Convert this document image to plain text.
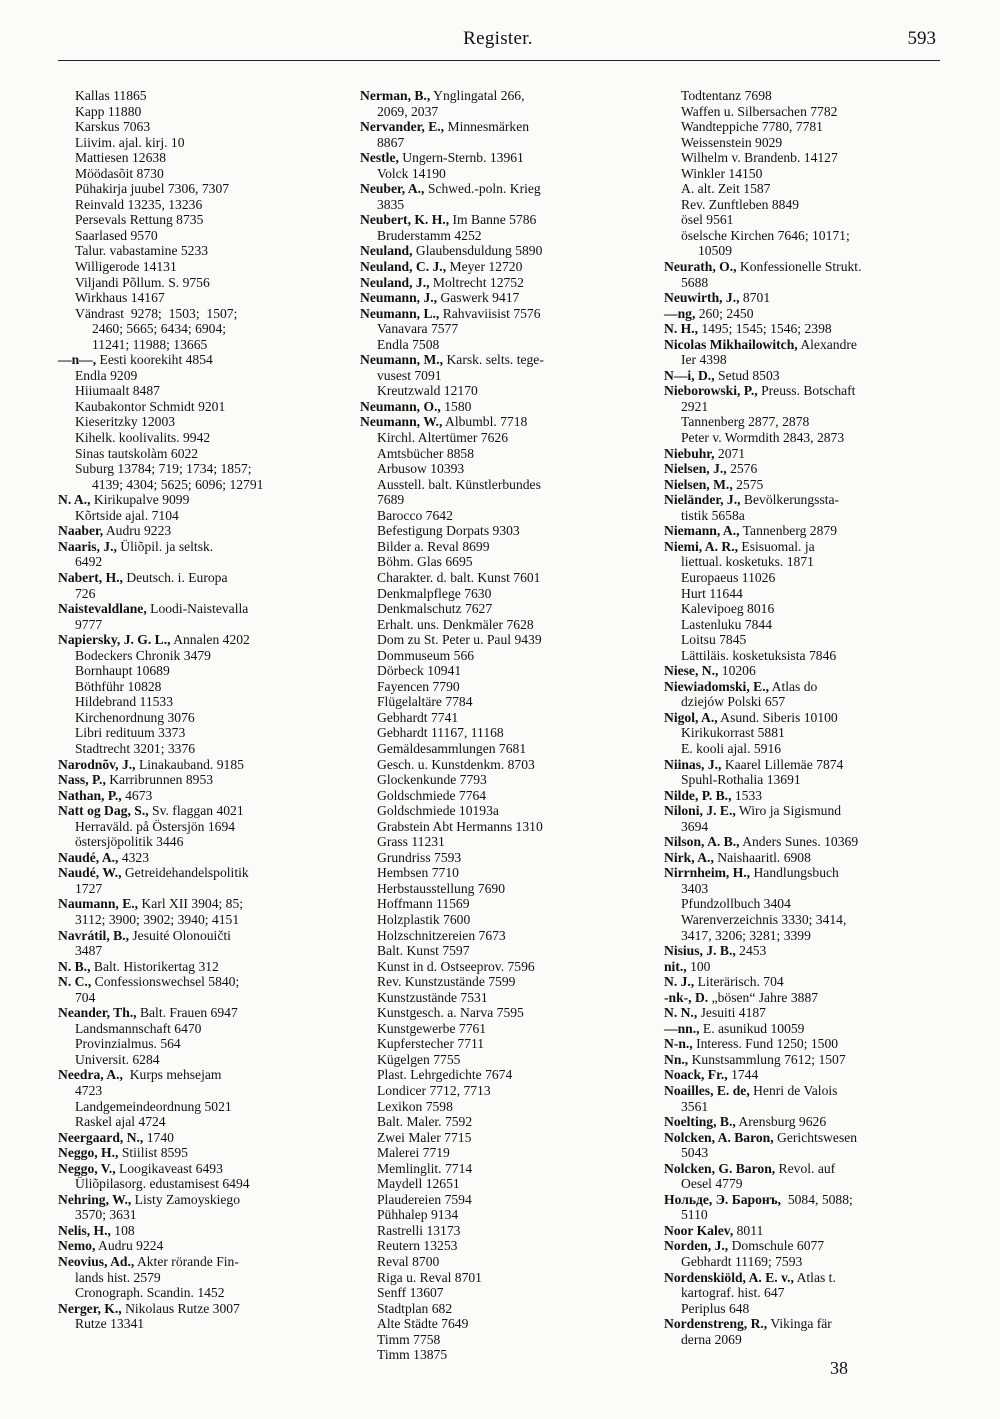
Register.	593
Kallas 11865
Kapp 11880
Karskus 7063
Liivim. ajal. kirj. 10
Mattiesen 12638
Möödasõit 8730
Pühakirja juubel 7306, 7307
Reinvald 13235, 13236
Persevals Rettung 8735
Saarlased 9570
Talur. vabastamine 5233
Willigerode 14131
Viljandi Põllum. S. 9756
Wirkhaus 14167
Vändrast  9278;  1503;  1507;
2460; 5665; 6434; 6904;
11241; 11988; 13665
—n—, Eesti koorekiht 4854
Endla 9209
Hiiumaalt 8487
Kaubakontor Schmidt 9201
Kieseritzky 12003
Kihelk. koolivalits. 9942
Sinas tautskolàm 6022
Suburg 13784; 719; 1734; 1857;
4139; 4304; 5625; 6096; 12791
N. A., Kirikupalve 9099
Kõrtside ajal. 7104
Naaber, Audru 9223
Naaris, J., Üliõpil. ja seltsk.
6492
Nabert, H., Deutsch. i. Europa
726
Naistevaldlane, Loodi-Naistevalla
9777
Napiersky, J. G. L., Annalen 4202
Bodeckers Chronik 3479
Bornhaupt 10689
Böthführ 10828
Hildebrand 11533
Kirchenordnung 3076
Libri redituum 3373
Stadtrecht 3201; 3376
Narodnõv, J., Linakauband. 9185
Nass, P., Karribrunnen 8953
Nathan, P., 4673
Natt og Dag, S., Sv. flaggan 4021
Herraväld. på Östersjön 1694
östersjöpolitik 3446
Naudé, A., 4323
Naudé, W., Getreidehandelspolitik
1727
Naumann, E., Karl XII 3904; 85;
3112; 3900; 3902; 3940; 4151
Navrátil, B., Jesuité Olonouičti
3487
N. B., Balt. Historikertag 312
N. C., Confessionswechsel 5840;
704
Neander, Th., Balt. Frauen 6947
Landsmannschaft 6470
Provinzialmus. 564
Universit. 6284
Needra, A.,  Kurps mehsejam
4723
Landgemeindeordnung 5021
Raskel ajal 4724
Neergaard, N., 1740
Neggo, H., Stiilist 8595
Neggo, V., Loogikaveast 6493
Üliõpilasorg. edustamisest 6494
Nehring, W., Listy Zamoyskiego
3570; 3631
Nelis, H., 108
Nemo, Audru 9224
Neovius, Ad., Akter rörande Fin-
lands hist. 2579
Cronograph. Scandin. 1452
Nerger, K., Nikolaus Rutze 3007
Rutze 13341
Nerman, B., Ynglingatal 266,
2069, 2037
Nervander, E., Minnesmärken
8867
Nestle, Ungern-Sternb. 13961
Volck 14190
Neuber, A., Schwed.-poln. Krieg
3835
Neubert, K. H., Im Banne 5786
Bruderstamm 4252
Neuland, Glaubensduldung 5890
Neuland, C. J., Meyer 12720
Neuland, J., Moltrecht 12752
Neumann, J., Gaswerk 9417
Neumann, L., Rahvaviisist 7576
Vanavara 7577
Endla 7508
Neumann, M., Karsk. selts. tege-
vusest 7091
Kreutzwald 12170
Neumann, O., 1580
Neumann, W., Albumbl. 7718
Kirchl. Altertümer 7626
Amtsbücher 8858
Arbusow 10393
Ausstell. balt. Künstlerbundes
7689
Barocco 7642
Befestigung Dorpats 9303
Bilder a. Reval 8699
Böhm. Glas 6695
Charakter. d. balt. Kunst 7601
Denkmalpflege 7630
Denkmalschutz 7627
Erhalt. uns. Denkmäler 7628
Dom zu St. Peter u. Paul 9439
Dommuseum 566
Dörbeck 10941
Fayencen 7790
Flügelaltäre 7784
Gebhardt 7741
Gebhardt 11167, 11168
Gemäldesammlungen 7681
Gesch. u. Kunstdenkm. 8703
Glockenkunde 7793
Goldschmiede 7764
Goldschmiede 10193a
Grabstein Abt Hermanns 1310
Grass 11231
Grundriss 7593
Hembsen 7710
Herbstausstellung 7690
Hoffmann 11569
Holzplastik 7600
Holzschnitzereien 7673
Balt. Kunst 7597
Kunst in d. Ostseeprov. 7596
Rev. Kunstzustände 7599
Kunstzustände 7531
Kunstgesch. a. Narva 7595
Kunstgewerbe 7761
Kupferstecher 7711
Kügelgen 7755
Plast. Lehrgedichte 7674
Londicer 7712, 7713
Lexikon 7598
Balt. Maler. 7592
Zwei Maler 7715
Malerei 7719
Memlinglit. 7714
Maydell 12651
Plaudereien 7594
Pühhalep 9134
Rastrelli 13173
Reutern 13253
Reval 8700
Riga u. Reval 8701
Senff 13607
Stadtplan 682
Alte Städte 7649
Timm 7758
Timm 13875
Todtentanz 7698
Waffen u. Silbersachen 7782
Wandteppiche 7780, 7781
Weissenstein 9029
Wilhelm v. Brandenb. 14127
Winkler 14150
A. alt. Zeit 1587
Rev. Zunftleben 8849
ösel 9561
öselsche Kirchen 7646; 10171;
10509
Neurath, O., Konfessionelle Strukt.
5688
Neuwirth, J., 8701
—ng, 260; 2450
N. H., 1495; 1545; 1546; 2398
Nicolas Mikhailowitch, Alexandre
Ier 4398
N—i, D., Setud 8503
Nieborowski, P., Preuss. Botschaft
2921
Tannenberg 2877, 2878
Peter v. Wormdith 2843, 2873
Niebuhr, 2071
Nielsen, J., 2576
Nielsen, M., 2575
Nieländer, J., Bevölkerungssta-
tistik 5658a
Niemann, A., Tannenberg 2879
Niemi, A. R., Esisuomal. ja
liettual. kosketuks. 1871
Europaeus 11026
Hurt 11644
Kalevipoeg 8016
Lastenluku 7844
Loitsu 7845
Lättiläis. kosketuksista 7846
Niese, N., 10206
Niewiadomski, E., Atlas do
dziejów Polski 657
Nigol, A., Asund. Siberis 10100
Kirikukorrast 5881
E. kooli ajal. 5916
Niinas, J., Kaarel Lillemäe 7874
Spuhl-Rothalia 13691
Nilde, P. B., 1533
Niloni, J. E., Wiro ja Sigismund
3694
Nilson, A. B., Anders Sunes. 10369
Nirk, A., Naishaaritl. 6908
Nirrnheim, H., Handlungsbuch
3403
Pfundzollbuch 3404
Warenverzeichnis 3330; 3414,
3417, 3206; 3281; 3399
Nisius, J. B., 2453
nit., 100
N. J., Literärisch. 704
-nk-, D. „bösen“ Jahre 3887
N. N., Jesuiti 4187
—nn., E. asunikud 10059
N-n., Interess. Fund 1250; 1500
Nn., Kunstsammlung 7612; 1507
Noack, Fr., 1744
Noailles, E. de, Henri de Valois
3561
Noelting, B., Arensburg 9626
Nolcken, A. Baron, Gerichtswesen
5043
Nolcken, G. Baron, Revol. auf
Oesel 4779
Нольде, Э. Баронъ,  5084, 5088;
5110
Noor Kalev, 8011
Norden, J., Domschule 6077
Gebhardt 11169; 7593
Nordenskiöld, A. E. v., Atlas t.
kartograf. hist. 647
Periplus 648
Nordenstreng, R., Vikinga fär
derna 2069
38
